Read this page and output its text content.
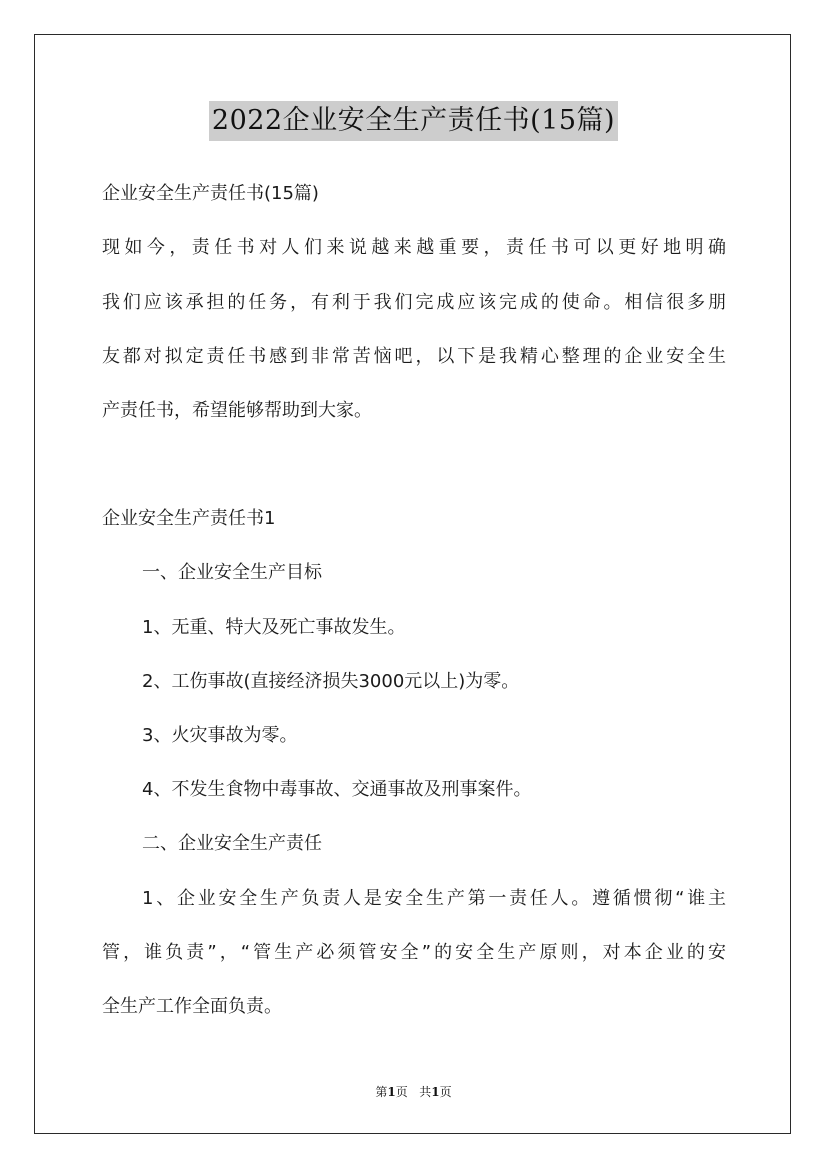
2022企业安全生产责任书(15篇)
企业安全生产责任书(15篇)
现如今，责任书对人们来说越来越重要，责任书可以更好地明确
我们应该承担的任务，有利于我们完成应该完成的使命。相信很多朋
友都对拟定责任书感到非常苦恼吧，以下是我精心整理的企业安全生
产责任书，希望能够帮助到大家。
企业安全生产责任书1
一、企业安全生产目标
1、无重、特大及死亡事故发生。
2、工伤事故(直接经济损失3000元以上)为零。
3、火灾事故为零。
4、不发生食物中毒事故、交通事故及刑事案件。
二、企业安全生产责任
1、企业安全生产负责人是安全生产第一责任人。遵循惯彻“谁主
管，谁负责”，“管生产必须管安全”的安全生产原则，对本企业的安
全生产工作全面负责。
第1页 共1页
